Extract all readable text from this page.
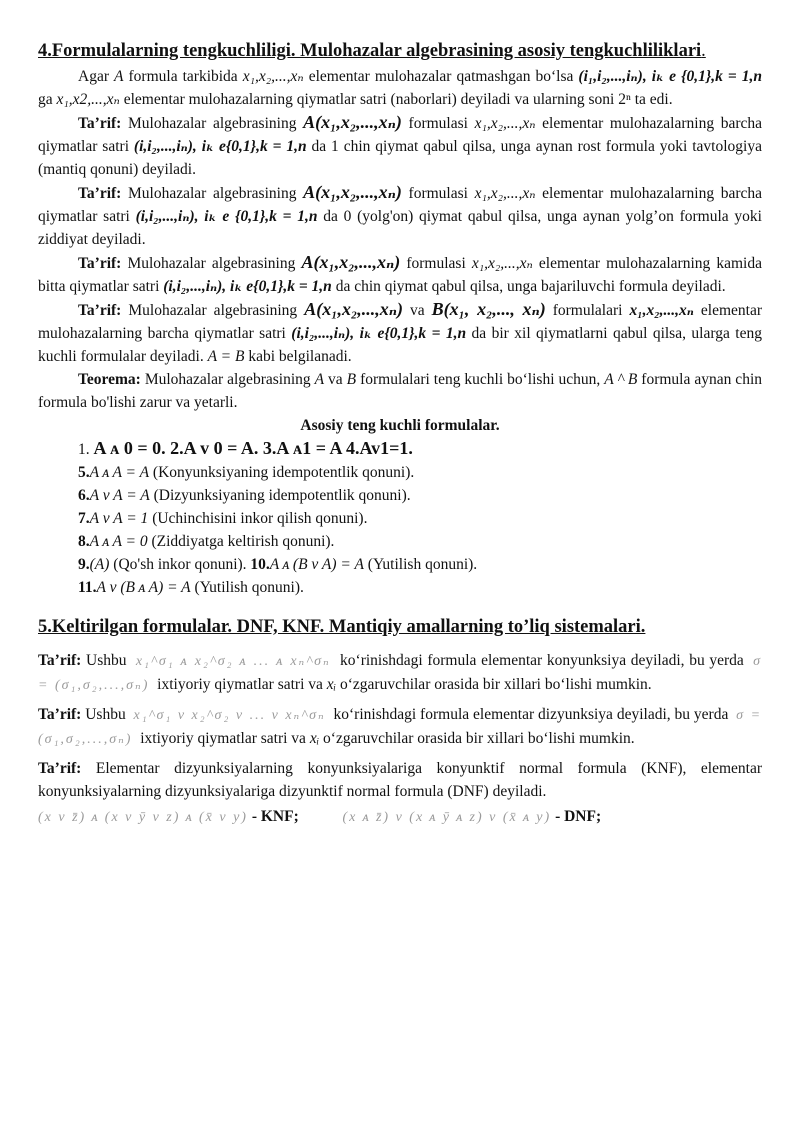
4.Formulalarning tengkuchliligi. Mulohazalar algebrasining asosiy tengkuchliliklari.

Agar A formula tarkibida x₁,x₂,...,xₙ elementar mulohazalar qatmashgan boʻlsa (i₁,i₂,...,iₙ), iₖ e {0,1},k = 1,n ga x₁,x2,...,xₙ elementar mulohazalarning qiymatlar satri (naborlari) deyiladi va ularning soni 2ⁿ ta edi.

Ta’rif: Mulohazalar algebrasining A(x₁,x₂,...,xₙ) formulasi x₁,x₂,...,xₙ elementar mulohazalarning barcha qiymatlar satri (i,i₂,...,iₙ), iₖ e{0,1},k = 1,n da 1 chin qiymat qabul qilsa, unga aynan rost formula yoki tavtologiya (mantiq qonuni) deyiladi.

Ta’rif: Mulohazalar algebrasining A(x₁,x₂,...,xₙ) formulasi x₁,x₂,...,xₙ elementar mulohazalarning barcha qiymatlar satri (i,i₂,...,iₙ), iₖ e {0,1},k = 1,n da 0 (yolg'on) qiymat qabul qilsa, unga aynan yolg’on formula yoki ziddiyat deyiladi.

Ta’rif: Mulohazalar algebrasining A(x₁,x₂,...,xₙ) formulasi x₁,x₂,...,xₙ elementar mulohazalarning kamida bitta qiymatlar satri (i,i₂,...,iₙ), iₖ e{0,1},k = 1,n da chin qiymat qabul qilsa, unga bajariluvchi formula deyiladi.

Ta’rif: Mulohazalar algebrasining A(x₁,x₂,...,xₙ) va B(x₁, x₂,..., xₙ) formulalari x₁,x₂,...,xₙ elementar mulohazalarning barcha qiymatlar satri (i,i₂,...,iₙ), iₖ e{0,1},k = 1,n da bir xil qiymatlarni qabul qilsa, ularga teng kuchli formulalar deyiladi. A = B kabi belgilanadi.

Teorema: Mulohazalar algebrasining A va B formulalari teng kuchli boʻlishi uchun, A ^ B formula aynan chin formula bo'lishi zarur va yetarli.

Asosiy teng kuchli formulalar.

1. A ᴀ 0 = 0. 2.A v 0 = A. 3.A ᴀ1 = A 4.Av1=1.

5.A ᴀ A = A (Konyunksiyaning idempotentlik qonuni).

6.A v A = A (Dizyunksiyaning idempotentlik qonuni).

7.A v A = 1 (Uchinchisini inkor qilish qonuni).

8.A ᴀ A = 0 (Ziddiyatga keltirish qonuni).

9.(A) (Qo'sh inkor qonuni). 10.A ᴀ (B v A) = A (Yutilish qonuni).

11.A v (B ᴀ A) = A (Yutilish qonuni).

5.Keltirilgan formulalar. DNF, KNF. Mantiqiy amallarning to’liq sistemalari.

Ta’rif: Ushbu  x₁^σ₁ ᴀ x₂^σ₂ ᴀ ... ᴀ xₙ^σₙ  ko‘rinishdagi formula elementar konyunksiya deyiladi, bu yerda  σ = (σ₁,σ₂,...,σₙ)  ixtiyoriy qiymatlar satri va xᵢ oʻzgaruvchilar orasida bir xillari boʻlishi mumkin.

Ta’rif: Ushbu  x₁^σ₁ v x₂^σ₂ v ... v xₙ^σₙ  koʻrinishdagi formula elementar dizyunksiya deyiladi, bu yerda  σ = (σ₁,σ₂,...,σₙ)  ixtiyoriy qiymatlar satri va xᵢ oʻzgaruvchilar orasida bir xillari boʻlishi mumkin.

Ta’rif: Elementar dizyunksiyalarning konyunksiyalariga konyunktif normal formula (KNF), elementar konyunksiyalarning dizyunksiyalariga dizyunktif normal formula (DNF) deyiladi.

(x v z̄) ᴀ (x v ȳ v z) ᴀ (x̄ v y) - KNF;	(x ᴀ z̄) v (x ᴀ ȳ ᴀ z) v (x̄ ᴀ y) - DNF;
